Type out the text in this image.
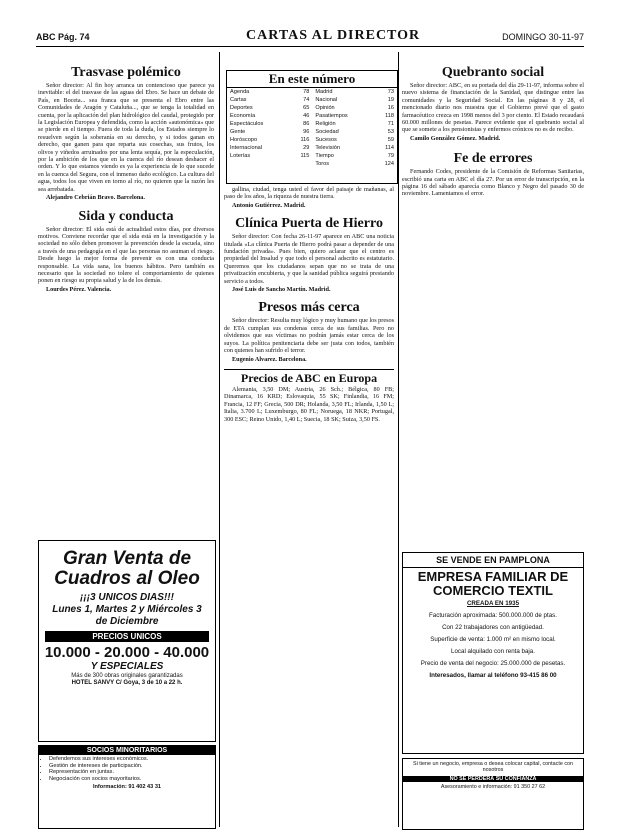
ABC Pág. 74	CARTAS AL DIRECTOR	DOMINGO 30-11-97
Trasvase polémico

Señor director: Al fin hoy arranca un contencioso que parece ya inevitable: el del trasvase de las aguas del Ebro. Se hace un debate de País, en Boceta... sea franca que se presenta el Ebro entre las Comunidades de Aragón y Cataluña..., que se tenga la totalidad en cuenta, por la aplicación del plan hidrológico del caudal, protegido por la Legislación Europea y defendida, como la acción «autonómica» que se pierde en el tiempo. Fuera de toda la duda, los Estados siempre lo resuelven según la soberanía en su derecho, y si todos ganan en derecho, que ganen para que reparta sus cosechas, sus frutos, los olivos y viñedos arruinados por una lenta sequía, por la especulación, por la ambición de los que en la cuenca del río desean deshacer el orden. Y lo que estamos viendo es ya la experiencia de lo que sucede en la cuenca del Segura, con el inmenso daño ecológico. La cultura del agua, todos los que viven en torno al río, no quieren que la razón les sea arrebatada.

Alejandro Cebrián Bravo. Barcelona.

Sida y conducta

Señor director: El sida está de actualidad estos días, por diversos motivos. Conviene recordar que el sida está en la investigación y la sociedad no sólo deben promover la prevención desde la escuela, sino a través de una pedagogía en el que las personas no asuman el riesgo. Desde luego la mejor forma de prevenir es con una conducta responsable. La vida sana, los buenos hábitos. Pero también es necesario que la sociedad no tolere el comportamiento de quienes ponen en riesgo su propia salud y la de los demás.

Lourdes Pérez. Valencia.

Gran Venta de
Cuadros al Oleo
¡¡¡3 UNICOS DIAS!!!
Lunes 1, Martes 2 y Miércoles 3
de Diciembre
PRECIOS UNICOS
10.000 - 20.000 - 40.000
Y ESPECIALES
Más de 300 obras originales garantizadas
HOTEL SANVY C/ Goya, 3 de 10 a 22 h.
SOCIOS MINORITARIOS
• Defendemos sus intereses económicos.
• Gestión de intereses de participación.
• Representación en juntas.
• Negociación con socios mayoritarios.
Información: 91 402 43 31
En este número
Agenda	78	Madrid	73
Cartas	74	Nacional	19
Deportes	65	Opinión	16
Economía	46	Pasatiempos	118
Espectáculos	86	Religión	71
Gente	96	Sociedad	53
Horóscopo	116	Sucesos	59
Internacional	29	Televisión	114
Loterías	115	Tiempo	79
		Toros	124

gallina, ciudad, tenga usted el favor del paisaje de mañanas, al paso de los años, la riqueza de nuestra tierra.

Antonio Gutiérrez. Madrid.

Clínica Puerta de Hierro

Señor director: Con fecha 26-11-97 aparece en ABC una noticia titulada «La clínica Puerta de Hierro podrá pasar a depender de una fundación privada». Pues bien, quiero aclarar que el centro es propiedad del Insalud y que todo el personal adscrito es estatutario. Queremos que los ciudadanos sepan que no se trata de una privatización encubierta, y que la sanidad pública seguirá prestando servicio a todos.

José Luis de Sancho Martín. Madrid.

Presos más cerca

Señor director: Resulta muy lógico y muy humano que los presos de ETA cumplan sus condenas cerca de sus familias. Pero no olvidemos que sus víctimas no podrán jamás estar cerca de los suyos. La política penitenciaria debe ser justa con todos, también con quienes han sufrido el terror.

Eugenio Alvarez. Barcelona.

Precios de ABC en Europa

Alemania, 3,50 DM; Austria, 26 Sch.; Bélgica, 80 FB; Dinamarca, 16 KRD; Eslovaquia, 55 SK; Finlandia, 16 FM; Francia, 12 FF; Grecia, 500 DR; Holanda, 3,50 FL; Irlanda, 1,50 L; Italia, 3.700 L; Luxemburgo, 80 FL; Noruega, 18 NKR; Portugal, 300 ESC; Reino Unido, 1,40 L; Suecia, 18 SK; Suiza, 3,50 FS.

Quebranto social

Señor director: ABC, en su portada del día 29-11-97, informa sobre el nuevo sistema de financiación de la Sanidad, que distingue entre las comunidades y la Seguridad Social. En las páginas 8 y 28, el mencionado diario nos muestra que el Gobierno prevé que el gasto farmacéutico crezca en 1998 menos del 3 por ciento. El Estado recaudará 60.000 millones de pesetas. Parece evidente que el quebranto social al que se somete a los pensionistas y enfermos crónicos no es de recibo.

Camilo González Gómez. Madrid.

Fe de errores

Fernando Codes, presidente de la Comisión de Reformas Sanitarias, escribió una carta en ABC el día 27. Por un error de transcripción, en la página 16 del sábado aparecía como Blanco y Negro del pasado 30 de noviembre. Lamentamos el error.

SE VENDE EN PAMPLONA
EMPRESA FAMILIAR DE COMERCIO TEXTIL
CREADA EN 1935
Facturación aproximada: 500.000.000 de ptas.
Con 22 trabajadores con antigüedad.
Superficie de venta: 1.000 m² en mismo local.
Local alquilado con renta baja.
Precio de venta del negocio: 25.000.000 de pesetas.
Interesados, llamar al teléfono 93-415 86 00
Si tiene un negocio, empresa o desea colocar capital, contacte con nosotros
NO SE PERDERÁ SU CONFIANZA
Asesoramiento e información: 91 350 27 62
